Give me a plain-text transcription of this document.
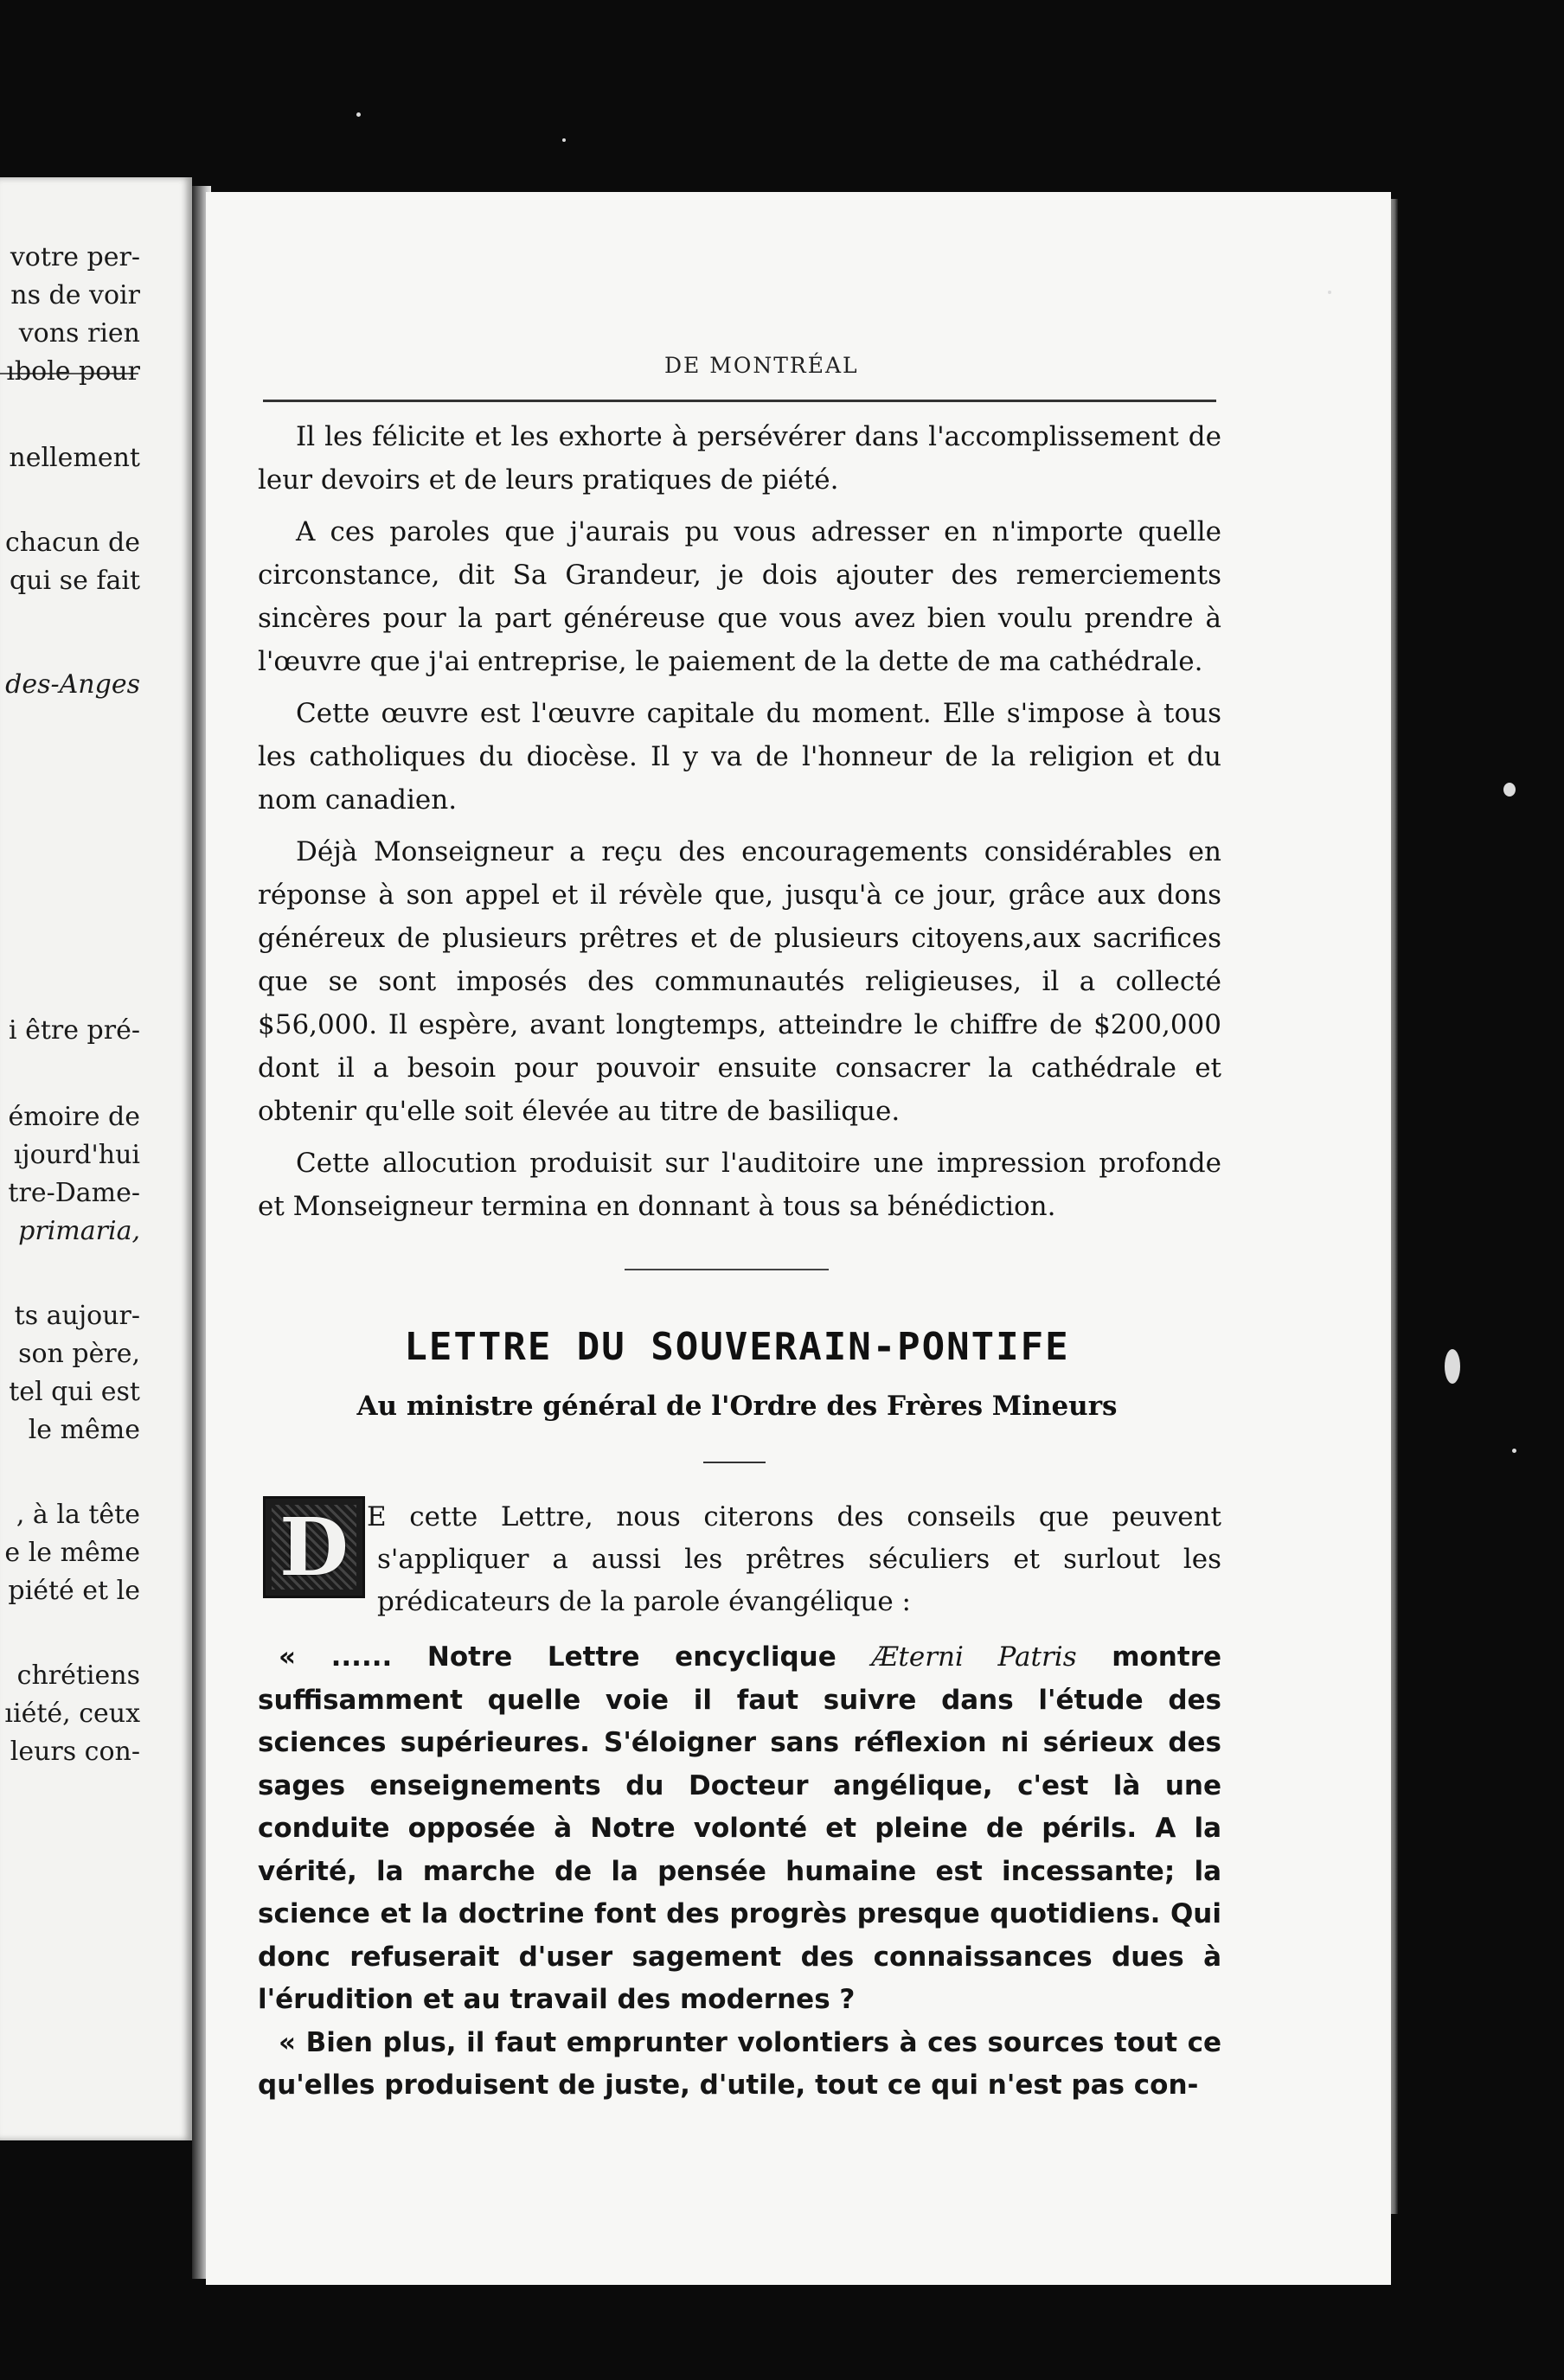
votre per-
ns de voir
vons rien
ıbole pour
nellement
chacun de
qui se fait
des-Anges
i être pré-
émoire de
ıjourd'hui
tre-Dame-
primaria,
ts aujour-
son père,
tel qui est
le même
, à la tête
e le même
piété et le
chrétiens
ıiété, ceux
leurs con-
DE MONTRÉAL

Il les félicite et les exhorte à persévérer dans l'accomplissement de leur devoirs et de leurs pratiques de piété.

A ces paroles que j'aurais pu vous adresser en n'importe quelle circonstance, dit Sa Grandeur, je dois ajouter des remerciements sincères pour la part généreuse que vous avez bien voulu prendre à l'œuvre que j'ai entreprise, le paiement de la dette de ma cathédrale.

Cette œuvre est l'œuvre capitale du moment. Elle s'impose à tous les catholiques du diocèse. Il y va de l'honneur de la religion et du nom canadien.

Déjà Monseigneur a reçu des encouragements considérables en réponse à son appel et il révèle que, jusqu'à ce jour, grâce aux dons généreux de plusieurs prêtres et de plusieurs citoyens,aux sacrifices que se sont imposés des communautés religieuses, il a collecté $56,000. Il espère, avant longtemps, atteindre le chiffre de $200,000 dont il a besoin pour pouvoir ensuite consacrer la cathédrale et obtenir qu'elle soit élevée au titre de basilique.

Cette allocution produisit sur l'auditoire une impression profonde et Monseigneur termina en donnant à tous sa bénédiction.

LETTRE DU SOUVERAIN-PONTIFE
Au ministre général de l'Ordre des Frères Mineurs
D E cette Lettre, nous citerons des conseils que peuvent s'appliquer a aussi les prêtres séculiers et surlout les prédicateurs de la parole évangélique :

« ...... Notre Lettre encyclique Æterni Patris montre suffisamment quelle voie il faut suivre dans l'étude des sciences supérieures. S'éloigner sans réflexion ni sérieux des sages enseignements du Docteur angélique, c'est là une conduite opposée à Notre volonté et pleine de périls. A la vérité, la marche de la pensée humaine est incessante; la science et la doctrine font des progrès presque quotidiens. Qui donc refuserait d'user sagement des connaissances dues à l'érudition et au travail des modernes ?

« Bien plus, il faut emprunter volontiers à ces sources tout ce qu'elles produisent de juste, d'utile, tout ce qui n'est pas con-
